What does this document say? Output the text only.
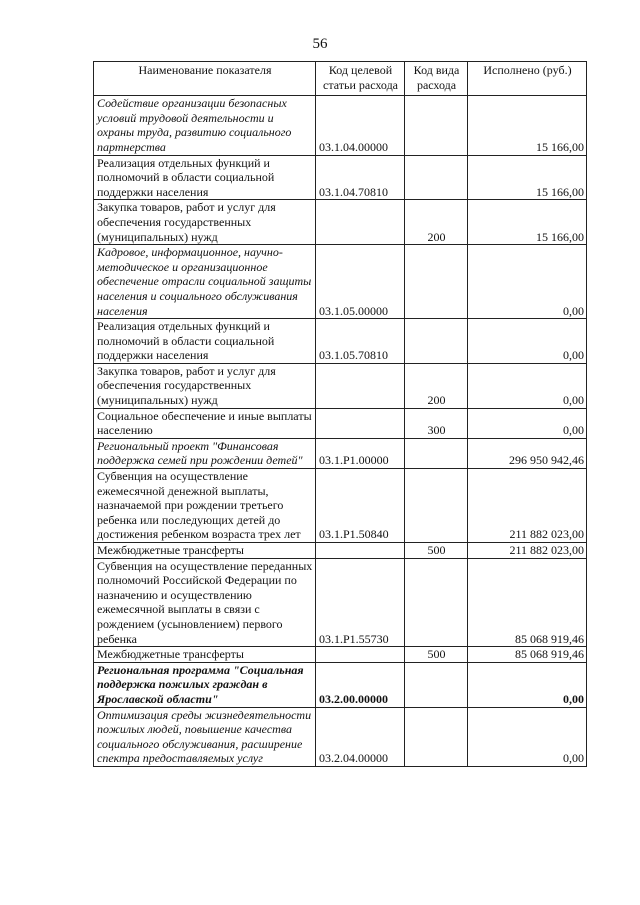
56
Наименование показателя	Код целевой статьи расхода	Код вида расхода	Исполнено (руб.)
Содействие организации безопасных условий трудовой деятельности и охраны труда, развитию социального партнерства	03.1.04.00000		15 166,00
Реализация отдельных функций и полномочий в области социальной поддержки населения	03.1.04.70810		15 166,00
Закупка товаров, работ и услуг для обеспечения государственных (муниципальных) нужд		200	15 166,00
Кадровое, информационное, научно-методическое и организационное обеспечение отрасли социальной защиты населения и социального обслуживания населения	03.1.05.00000		0,00
Реализация отдельных функций и полномочий в области социальной поддержки населения	03.1.05.70810		0,00
Закупка товаров, работ и услуг для обеспечения государственных (муниципальных) нужд		200	0,00
Социальное обеспечение и иные выплаты населению		300	0,00
Региональный проект "Финансовая поддержка семей при рождении детей"	03.1.P1.00000		296 950 942,46
Субвенция на осуществление ежемесячной денежной выплаты, назначаемой при рождении третьего ребенка или последующих детей до достижения ребенком возраста трех лет	03.1.P1.50840		211 882 023,00
Межбюджетные трансферты		500	211 882 023,00
Субвенция на осуществление переданных полномочий Российской Федерации по назначению и осуществлению ежемесячной выплаты в связи с рождением (усыновлением) первого ребенка	03.1.P1.55730		85 068 919,46
Межбюджетные трансферты		500	85 068 919,46
Региональная программа "Социальная поддержка пожилых граждан в Ярославской области"	03.2.00.00000		0,00
Оптимизация среды жизнедеятельности пожилых людей, повышение качества социального обслуживания, расширение спектра предоставляемых услуг	03.2.04.00000		0,00
